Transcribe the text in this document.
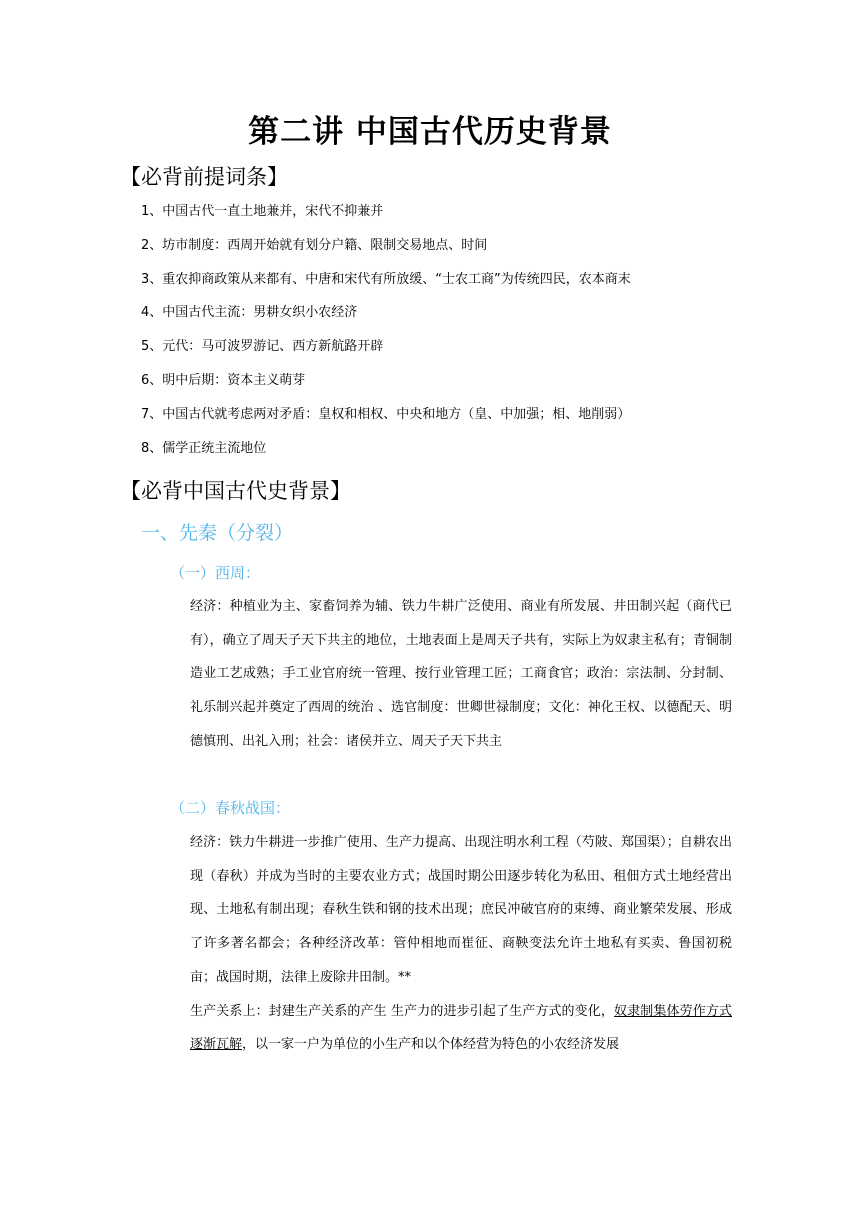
第二讲 中国古代历史背景
【必背前提词条】
1、中国古代一直土地兼并，宋代不抑兼并
2、坊市制度：西周开始就有划分户籍、限制交易地点、时间
3、重农抑商政策从来都有、中唐和宋代有所放缓、“士农工商”为传统四民，农本商末
4、中国古代主流：男耕女织小农经济
5、元代：马可波罗游记、西方新航路开辟
6、明中后期：资本主义萌芽
7、中国古代就考虑两对矛盾：皇权和相权、中央和地方（皇、中加强；相、地削弱）
8、儒学正统主流地位
【必背中国古代史背景】
一、先秦（分裂）
（一）西周：

经济：种植业为主、家畜饲养为辅、铁力牛耕广泛使用、商业有所发展、井田制兴起（商代已有），确立了周天子天下共主的地位，土地表面上是周天子共有，实际上为奴隶主私有；青铜制造业工艺成熟；手工业官府统一管理、按行业管理工匠；工商食官；政治：宗法制、分封制、礼乐制兴起并奠定了西周的统治 、选官制度：世卿世禄制度；文化：神化王权、以德配天、明德慎刑、出礼入刑；社会：诸侯并立、周天子天下共主

（二）春秋战国：

经济：铁力牛耕进一步推广使用、生产力提高、出现注明水利工程（芍陂、郑国渠）；自耕农出现（春秋）并成为当时的主要农业方式；战国时期公田逐步转化为私田、租佃方式土地经营出现、土地私有制出现；春秋生铁和钢的技术出现；庶民冲破官府的束缚、商业繁荣发展、形成了许多著名都会；各种经济改革：管仲相地而崔征、商鞅变法允许土地私有买卖、鲁国初税亩；战国时期，法律上废除井田制。**

生产关系上：封建生产关系的产生 生产力的进步引起了生产方式的变化，奴隶制集体劳作方式逐渐瓦解，以一家一户为单位的小生产和以个体经营为特色的小农经济发展
